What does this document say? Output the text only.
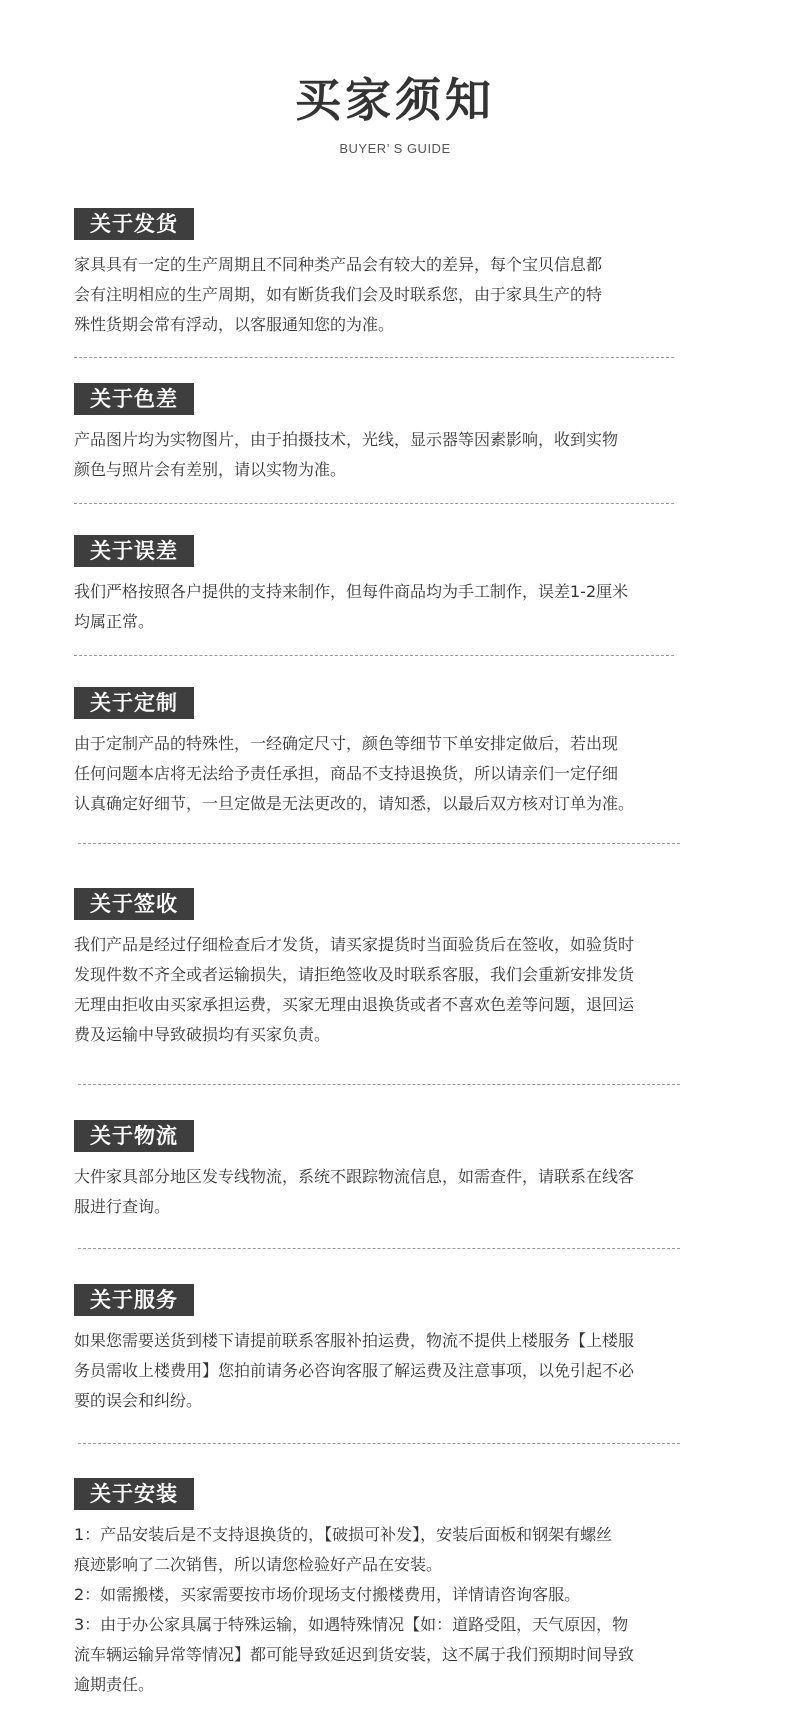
买家须知
BUYER’ S GUIDE
关于发货

家具具有一定的生产周期且不同种类产品会有较大的差异，每个宝贝信息都
会有注明相应的生产周期，如有断货我们会及时联系您，由于家具生产的特
殊性货期会常有浮动，以客服通知您的为准。

关于色差

产品图片均为实物图片，由于拍摄技术，光线，显示器等因素影响，收到实物
颜色与照片会有差别，请以实物为准。

关于误差

我们严格按照各户提供的支持来制作，但每件商品均为手工制作，误差1-2厘米
均属正常。

关于定制

由于定制产品的特殊性，一经确定尺寸，颜色等细节下单安排定做后，若出现
任何问题本店将无法给予责任承担，商品不支持退换货，所以请亲们一定仔细
认真确定好细节，一旦定做是无法更改的，请知悉，以最后双方核对订单为准。

关于签收

我们产品是经过仔细检查后才发货，请买家提货时当面验货后在签收，如验货时
发现件数不齐全或者运输损失，请拒绝签收及时联系客服，我们会重新安排发货
无理由拒收由买家承担运费，买家无理由退换货或者不喜欢色差等问题，退回运
费及运输中导致破损均有买家负责。

关于物流

大件家具部分地区发专线物流，系统不跟踪物流信息，如需查件，请联系在线客
服进行查询。

关于服务

如果您需要送货到楼下请提前联系客服补拍运费，物流不提供上楼服务【上楼服
务员需收上楼费用】您拍前请务必咨询客服了解运费及注意事项，以免引起不必
要的误会和纠纷。

关于安装

1：产品安装后是不支持退换货的，【破损可补发】，安装后面板和钢架有螺丝
痕迹影响了二次销售，所以请您检验好产品在安装。

2：如需搬楼，买家需要按市场价现场支付搬楼费用，详情请咨询客服。

3：由于办公家具属于特殊运输，如遇特殊情况【如：道路受阻，天气原因，物
流车辆运输异常等情况】都可能导致延迟到货安装，这不属于我们预期时间导致
逾期责任。
